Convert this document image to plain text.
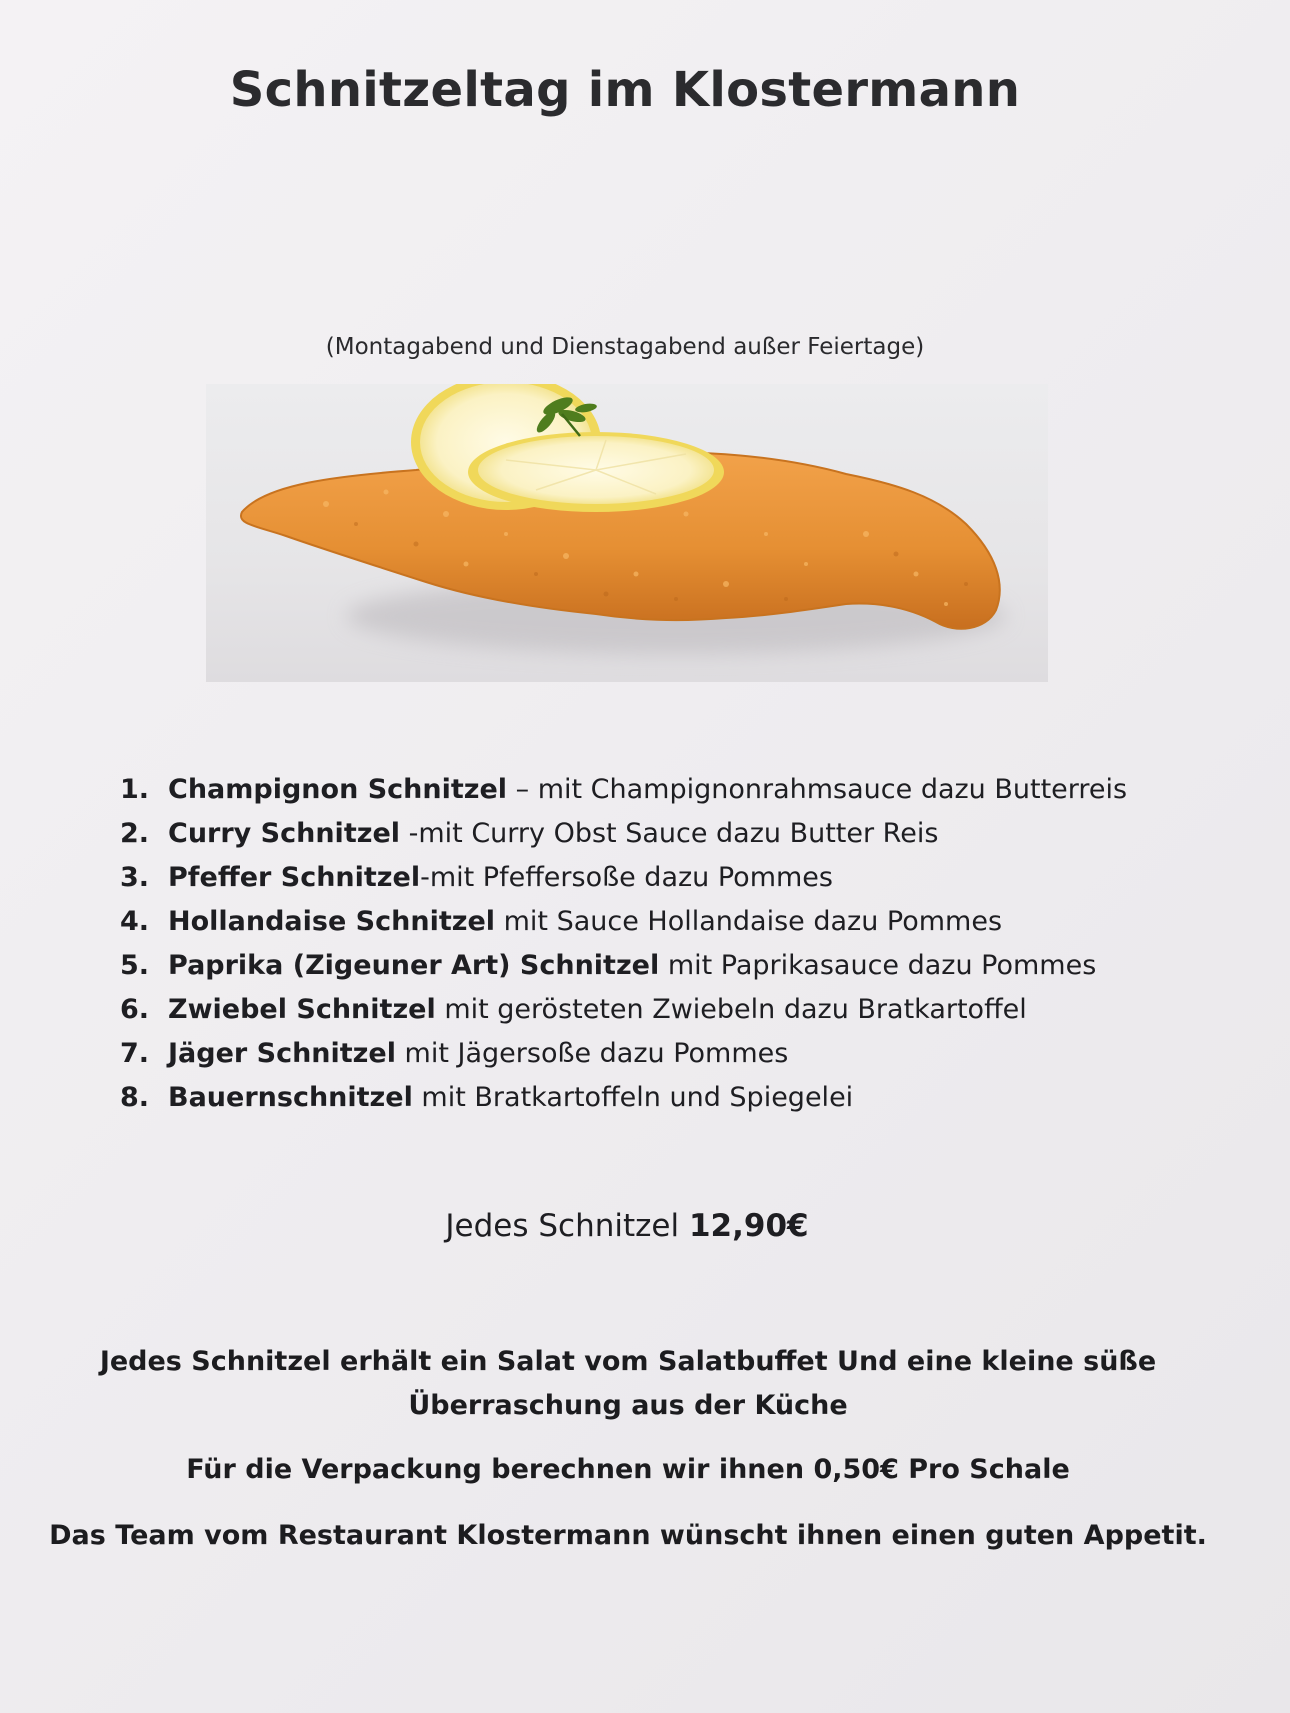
Schnitzeltag im Klostermann
(Montagabend und Dienstagabend außer Feiertage)
1. Champignon Schnitzel – mit Champignonrahmsauce dazu Butterreis
2. Curry Schnitzel -mit Curry Obst Sauce dazu Butter Reis
3. Pfeffer Schnitzel-mit Pfeffersoße dazu Pommes
4. Hollandaise Schnitzel mit Sauce Hollandaise dazu Pommes
5. Paprika (Zigeuner Art) Schnitzel mit Paprikasauce dazu Pommes
6. Zwiebel Schnitzel mit gerösteten Zwiebeln dazu Bratkartoffel
7. Jäger Schnitzel mit Jägersoße dazu Pommes
8. Bauernschnitzel mit Bratkartoffeln und Spiegelei
Jedes Schnitzel 12,90€

Jedes Schnitzel erhält ein Salat vom Salatbuffet Und eine kleine süße
Überraschung aus der Küche

Für die Verpackung berechnen wir ihnen 0,50€ Pro Schale

Das Team vom Restaurant Klostermann wünscht ihnen einen guten Appetit.
